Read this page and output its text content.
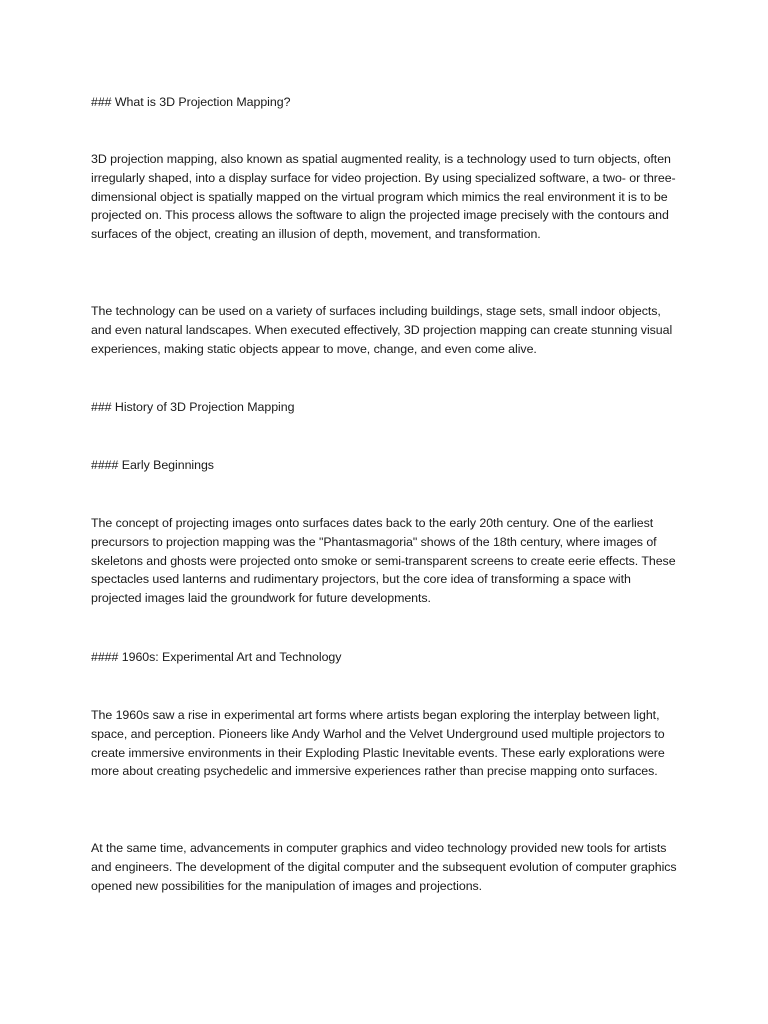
### What is 3D Projection Mapping?
3D projection mapping, also known as spatial augmented reality, is a technology used to turn objects, often irregularly shaped, into a display surface for video projection. By using specialized software, a two- or three-dimensional object is spatially mapped on the virtual program which mimics the real environment it is to be projected on. This process allows the software to align the projected image precisely with the contours and surfaces of the object, creating an illusion of depth, movement, and transformation.
The technology can be used on a variety of surfaces including buildings, stage sets, small indoor objects, and even natural landscapes. When executed effectively, 3D projection mapping can create stunning visual experiences, making static objects appear to move, change, and even come alive.
### History of 3D Projection Mapping
#### Early Beginnings
The concept of projecting images onto surfaces dates back to the early 20th century. One of the earliest precursors to projection mapping was the "Phantasmagoria" shows of the 18th century, where images of skeletons and ghosts were projected onto smoke or semi-transparent screens to create eerie effects. These spectacles used lanterns and rudimentary projectors, but the core idea of transforming a space with projected images laid the groundwork for future developments.
#### 1960s: Experimental Art and Technology
The 1960s saw a rise in experimental art forms where artists began exploring the interplay between light, space, and perception. Pioneers like Andy Warhol and the Velvet Underground used multiple projectors to create immersive environments in their Exploding Plastic Inevitable events. These early explorations were more about creating psychedelic and immersive experiences rather than precise mapping onto surfaces.
At the same time, advancements in computer graphics and video technology provided new tools for artists and engineers. The development of the digital computer and the subsequent evolution of computer graphics opened new possibilities for the manipulation of images and projections.
